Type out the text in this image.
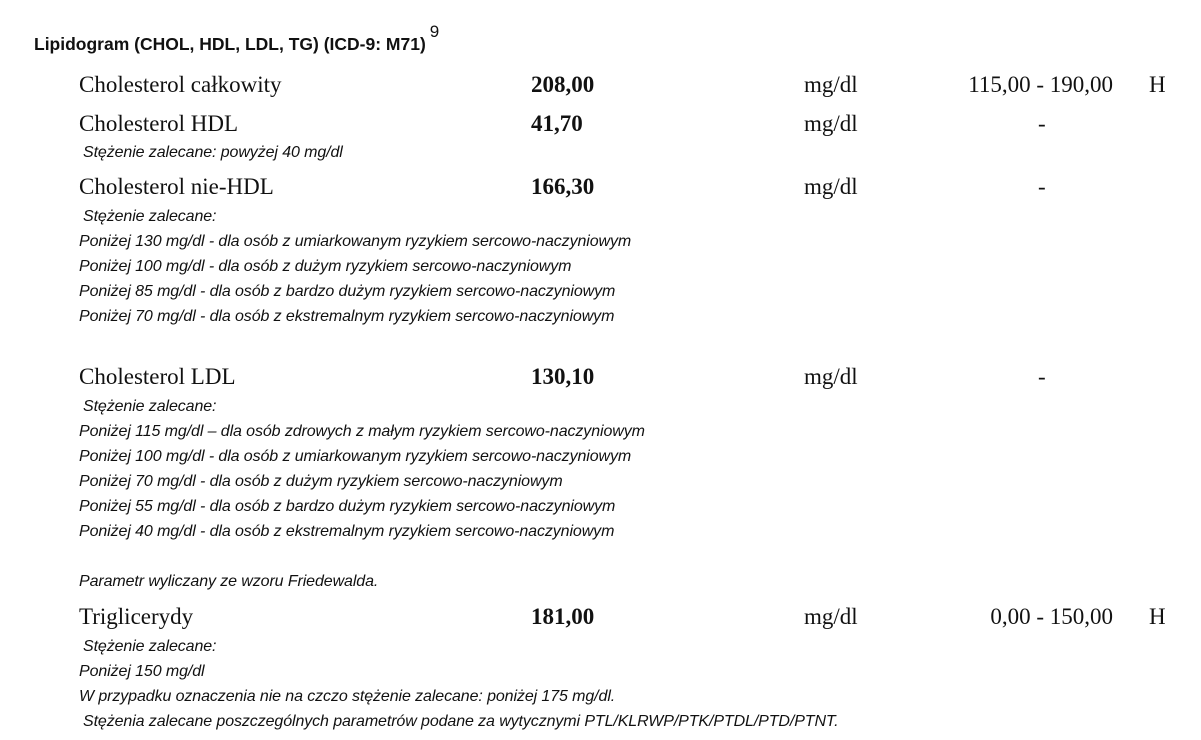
Lipidogram (CHOL, HDL, LDL, TG) (ICD-9: M71)$^9$
Cholesterol całkowity	208,00	mg/dl	115,00 - 190,00 H
Cholesterol HDL	41,70	mg/dl	-
Stężenie zalecane: powyżej 40 mg/dl
Cholesterol nie-HDL	166,30	mg/dl	-
Stężenie zalecane:
Poniżej 130 mg/dl - dla osób z umiarkowanym ryzykiem sercowo-naczyniowym
Poniżej 100 mg/dl - dla osób z dużym ryzykiem sercowo-naczyniowym
Poniżej 85 mg/dl - dla osób z bardzo dużym ryzykiem sercowo-naczyniowym
Poniżej 70 mg/dl - dla osób z ekstremalnym ryzykiem sercowo-naczyniowym
Cholesterol LDL	130,10	mg/dl	-
Stężenie zalecane:
Poniżej 115 mg/dl – dla osób zdrowych z małym ryzykiem sercowo-naczyniowym
Poniżej 100 mg/dl - dla osób z umiarkowanym ryzykiem sercowo-naczyniowym
Poniżej 70 mg/dl - dla osób z dużym ryzykiem sercowo-naczyniowym
Poniżej 55 mg/dl - dla osób z bardzo dużym ryzykiem sercowo-naczyniowym
Poniżej 40 mg/dl - dla osób z ekstremalnym ryzykiem sercowo-naczyniowym
Parametr wyliczany ze wzoru Friedewalda.
Triglicerydy	181,00	mg/dl	0,00 - 150,00 H
Stężenie zalecane:
Poniżej 150 mg/dl
W przypadku oznaczenia nie na czczo stężenie zalecane: poniżej 175 mg/dl.
Stężenia zalecane poszczególnych parametrów podane za wytycznymi PTL/KLRWP/PTK/PTDL/PTD/PTNT.
